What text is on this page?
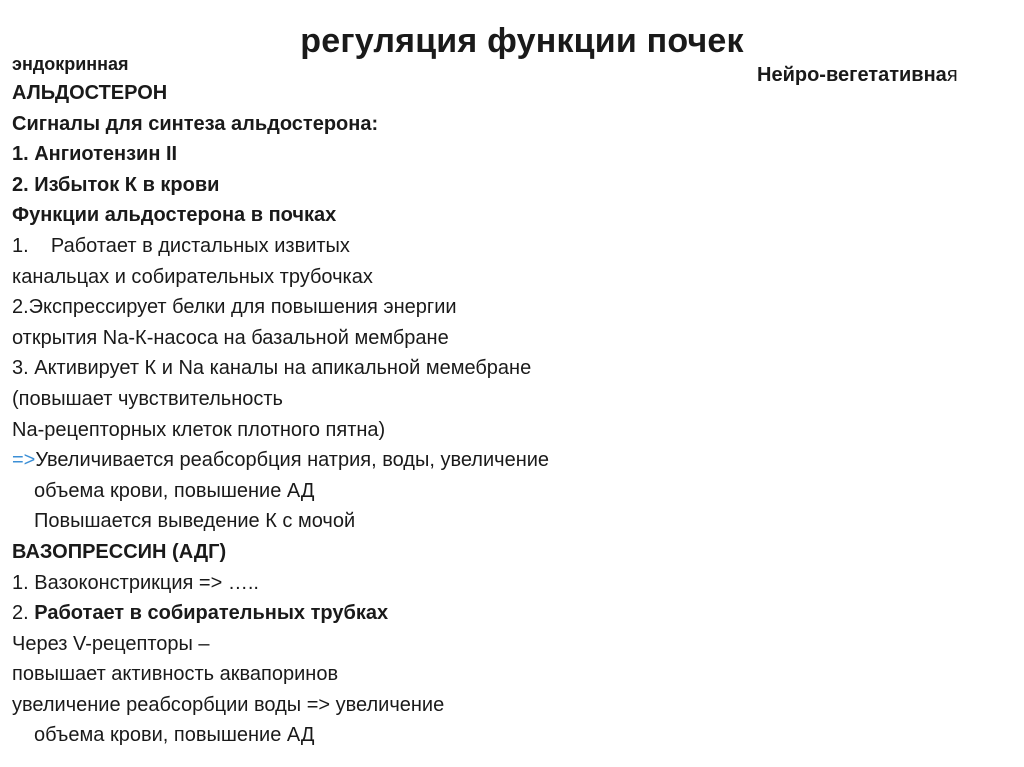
регуляция функции почек
Нейро-вегетативная
эндокринная
АЛЬДОСТЕРОН
Сигналы для синтеза альдостерона:
1. Ангиотензин II
2. Избыток К в крови
Функции альдостерона в почках
1.    Работает в дистальных извитых
канальцах и собирательных трубочках
2.Экспрессирует белки для повышения энергии
открытия Na-К-насоса на базальной мембране
3. Активирует К и Na каналы на апикальной мемебране
(повышает чувствительность
Na-рецепторных клеток плотного пятна)
=>Увеличивается реабсорбция натрия, воды, увеличение
объема крови, повышение АД
Повышается выведение К с мочой
ВАЗОПРЕССИН (АДГ)
1. Вазоконстрикция => …..
2. Работает в собирательных трубках
Через V-рецепторы –
повышает активность аквапоринов
увеличение реабсорбции воды => увеличение
объема крови, повышение АД
